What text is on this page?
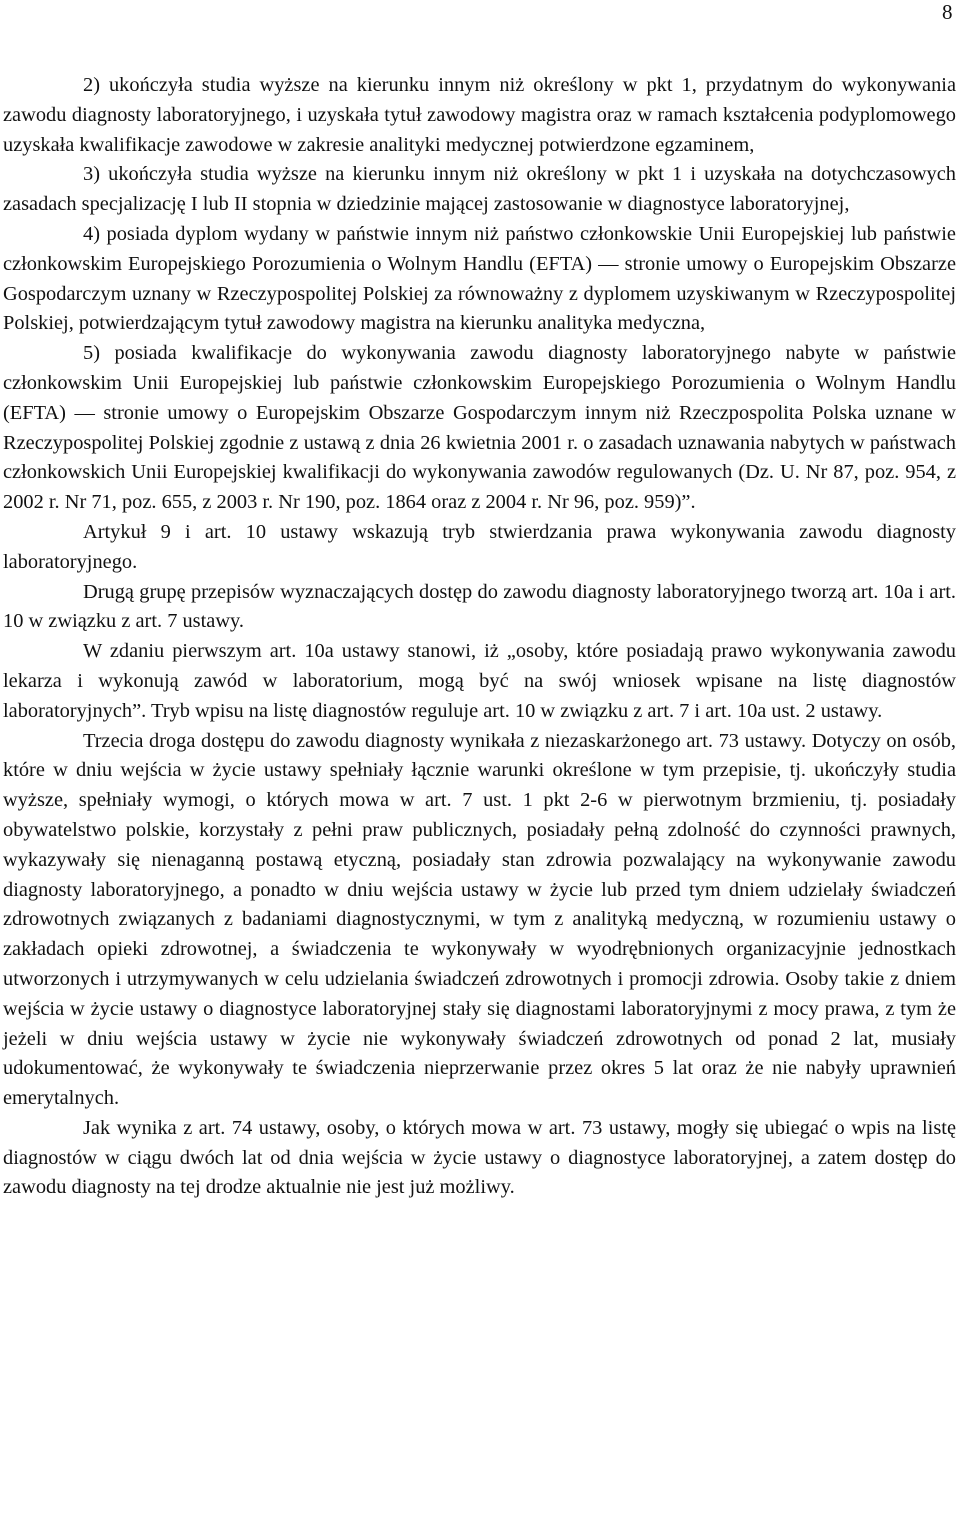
8

2) ukończyła studia wyższe na kierunku innym niż określony w pkt 1, przydatnym do wykonywania zawodu diagnosty laboratoryjnego, i uzyskała tytuł zawodowy magistra oraz w ramach kształcenia podyplomowego uzyskała kwalifikacje zawodowe w zakresie analityki medycznej potwierdzone egzaminem,

3) ukończyła studia wyższe na kierunku innym niż określony w pkt 1 i uzyskała na dotychczasowych zasadach specjalizację I lub II stopnia w dziedzinie mającej zastosowanie w diagnostyce laboratoryjnej,

4) posiada dyplom wydany w państwie innym niż państwo członkowskie Unii Europejskiej lub państwie członkowskim Europejskiego Porozumienia o Wolnym Handlu (EFTA) — stronie umowy o Europejskim Obszarze Gospodarczym uznany w Rzeczypospolitej Polskiej za równoważny z dyplomem uzyskiwanym w Rzeczypospolitej Polskiej, potwierdzającym tytuł zawodowy magistra na kierunku analityka medyczna,

5) posiada kwalifikacje do wykonywania zawodu diagnosty laboratoryjnego nabyte w państwie członkowskim Unii Europejskiej lub państwie członkowskim Europejskiego Porozumienia o Wolnym Handlu (EFTA) — stronie umowy o Europejskim Obszarze Gospodarczym innym niż Rzeczpospolita Polska uznane w Rzeczypospolitej Polskiej zgodnie z ustawą z dnia 26 kwietnia 2001 r. o zasadach uznawania nabytych w państwach członkowskich Unii Europejskiej kwalifikacji do wykonywania zawodów regulowanych (Dz. U. Nr 87, poz. 954, z 2002 r. Nr 71, poz. 655, z 2003 r. Nr 190, poz. 1864 oraz z 2004 r. Nr 96, poz. 959)”.

Artykuł 9 i art. 10 ustawy wskazują tryb stwierdzania prawa wykonywania zawodu diagnosty laboratoryjnego.

Drugą grupę przepisów wyznaczających dostęp do zawodu diagnosty laboratoryjnego tworzą art. 10a i art. 10 w związku z art. 7 ustawy.

W zdaniu pierwszym art. 10a ustawy stanowi, iż „osoby, które posiadają prawo wykonywania zawodu lekarza i wykonują zawód w laboratorium, mogą być na swój wniosek wpisane na listę diagnostów laboratoryjnych”. Tryb wpisu na listę diagnostów reguluje art. 10 w związku z art. 7 i art. 10a ust. 2 ustawy.

Trzecia droga dostępu do zawodu diagnosty wynikała z niezaskarżonego art. 73 ustawy. Dotyczy on osób, które w dniu wejścia w życie ustawy spełniały łącznie warunki określone w tym przepisie, tj. ukończyły studia wyższe, spełniały wymogi, o których mowa w art. 7 ust. 1 pkt 2-6 w pierwotnym brzmieniu, tj. posiadały obywatelstwo polskie, korzystały z pełni praw publicznych, posiadały pełną zdolność do czynności prawnych, wykazywały się nienaganną postawą etyczną, posiadały stan zdrowia pozwalający na wykonywanie zawodu diagnosty laboratoryjnego, a ponadto w dniu wejścia ustawy w życie lub przed tym dniem udzielały świadczeń zdrowotnych związanych z badaniami diagnostycznymi, w tym z analityką medyczną, w rozumieniu ustawy o zakładach opieki zdrowotnej, a świadczenia te wykonywały w wyodrębnionych organizacyjnie jednostkach utworzonych i utrzymywanych w celu udzielania świadczeń zdrowotnych i promocji zdrowia. Osoby takie z dniem wejścia w życie ustawy o diagnostyce laboratoryjnej stały się diagnostami laboratoryjnymi z mocy prawa, z tym że jeżeli w dniu wejścia ustawy w życie nie wykonywały świadczeń zdrowotnych od ponad 2 lat, musiały udokumentować, że wykonywały te świadczenia nieprzerwanie przez okres 5 lat oraz że nie nabyły uprawnień emerytalnych.

Jak wynika z art. 74 ustawy, osoby, o których mowa w art. 73 ustawy, mogły się ubiegać o wpis na listę diagnostów w ciągu dwóch lat od dnia wejścia w życie ustawy o diagnostyce laboratoryjnej, a zatem dostęp do zawodu diagnosty na tej drodze aktualnie nie jest już możliwy.
